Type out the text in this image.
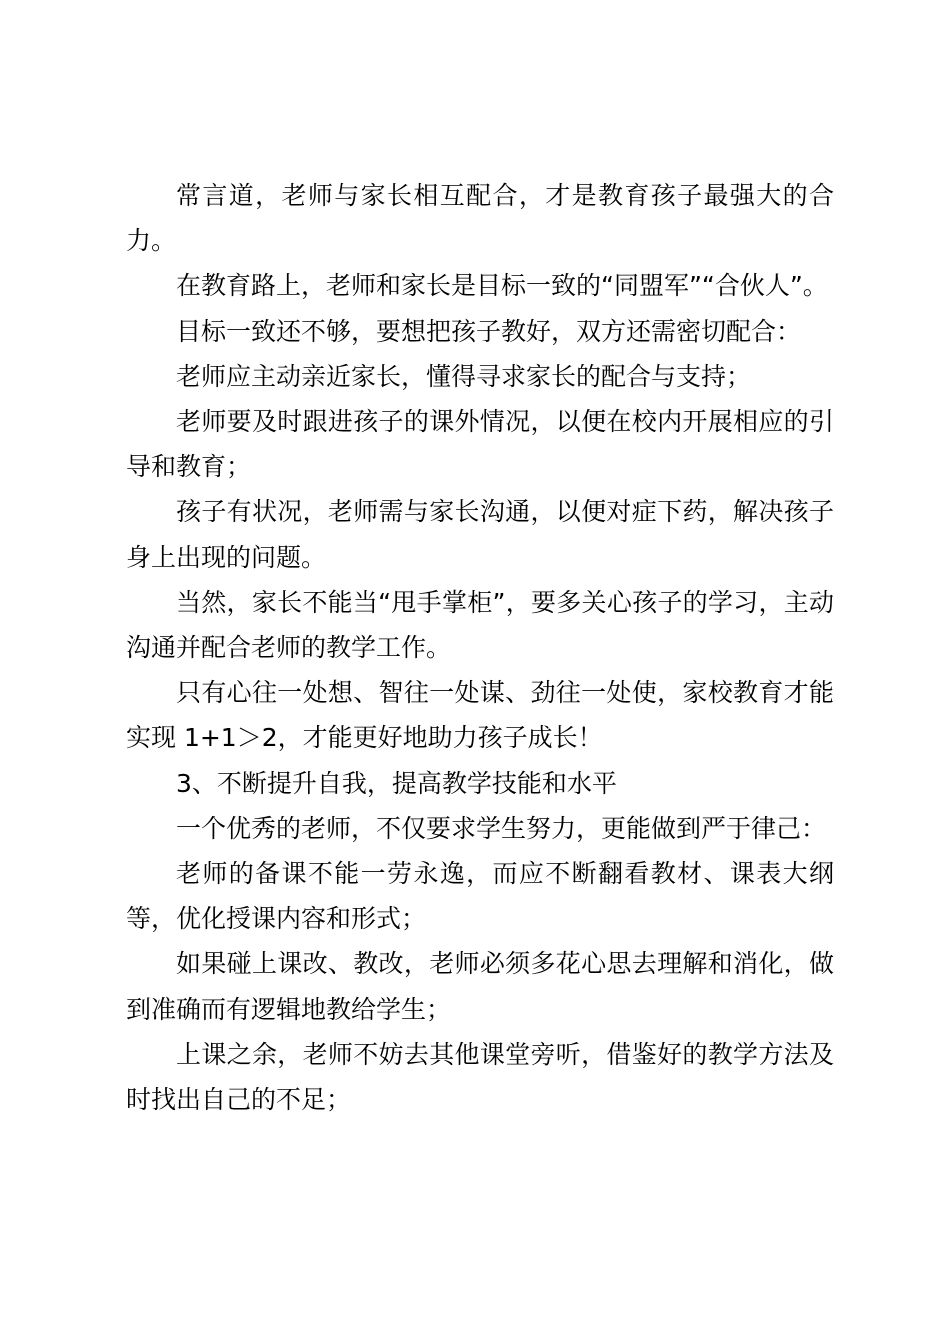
常言道，老师与家长相互配合，才是教育孩子最强大的合力。

在教育路上，老师和家长是目标一致的“同盟军”“合伙人”。

目标一致还不够，要想把孩子教好，双方还需密切配合：

老师应主动亲近家长，懂得寻求家长的配合与支持；

老师要及时跟进孩子的课外情况，以便在校内开展相应的引导和教育；

孩子有状况，老师需与家长沟通，以便对症下药，解决孩子身上出现的问题。

当然，家长不能当“甩手掌柜”，要多关心孩子的学习，主动沟通并配合老师的教学工作。

只有心往一处想、智往一处谋、劲往一处使，家校教育才能实现 1+1＞2，才能更好地助力孩子成长！

3、不断提升自我，提高教学技能和水平

一个优秀的老师，不仅要求学生努力，更能做到严于律己：

老师的备课不能一劳永逸，而应不断翻看教材、课表大纲等，优化授课内容和形式；

如果碰上课改、教改，老师必须多花心思去理解和消化，做到准确而有逻辑地教给学生；

上课之余，老师不妨去其他课堂旁听，借鉴好的教学方法及时找出自己的不足；
